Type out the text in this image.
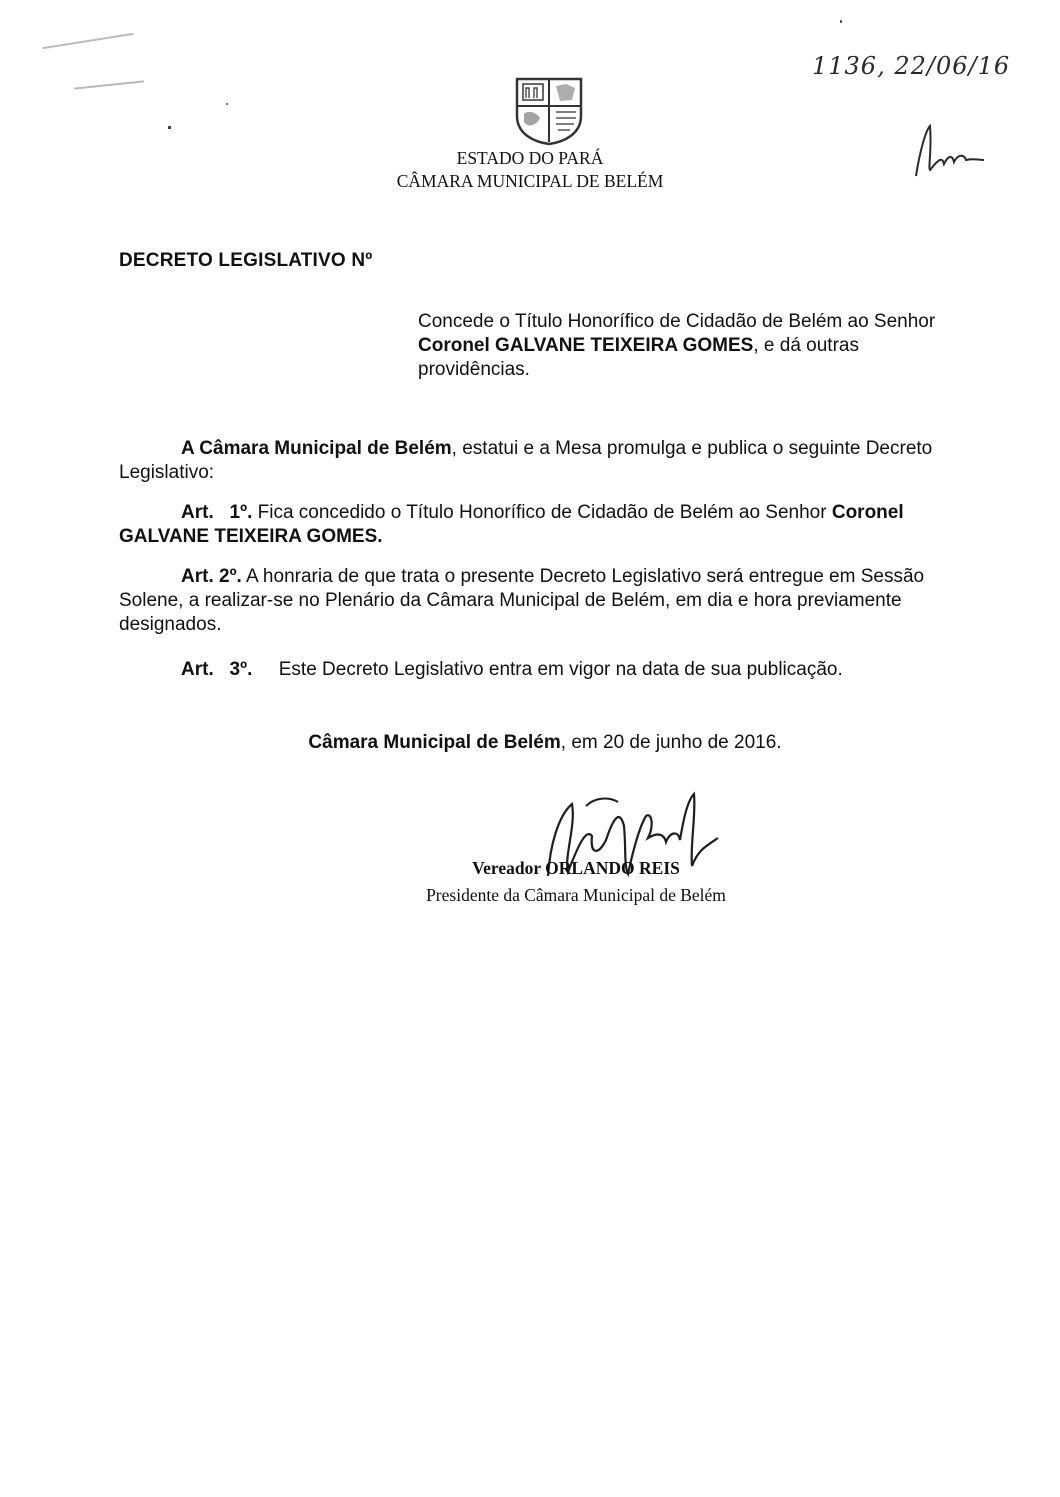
1136, 22/06/16
ESTADO DO PARÁ
CÂMARA MUNICIPAL DE BELÉM
DECRETO LEGISLATIVO Nº
Concede o Título Honorífico de Cidadão de Belém ao Senhor Coronel GALVANE TEIXEIRA GOMES, e dá outras providências.
A Câmara Municipal de Belém, estatui e a Mesa promulga e publica o seguinte Decreto Legislativo:
Art.   1º. Fica concedido o Título Honorífico de Cidadão de Belém ao Senhor Coronel GALVANE TEIXEIRA GOMES.
Art. 2º. A honraria de que trata o presente Decreto Legislativo será entregue em Sessão Solene, a realizar-se no Plenário da Câmara Municipal de Belém, em dia e hora previamente designados.
Art.   3º.     Este Decreto Legislativo entra em vigor na data de sua publicação.
Câmara Municipal de Belém, em 20 de junho de 2016.
Vereador ORLANDO REIS
Presidente da Câmara Municipal de Belém
